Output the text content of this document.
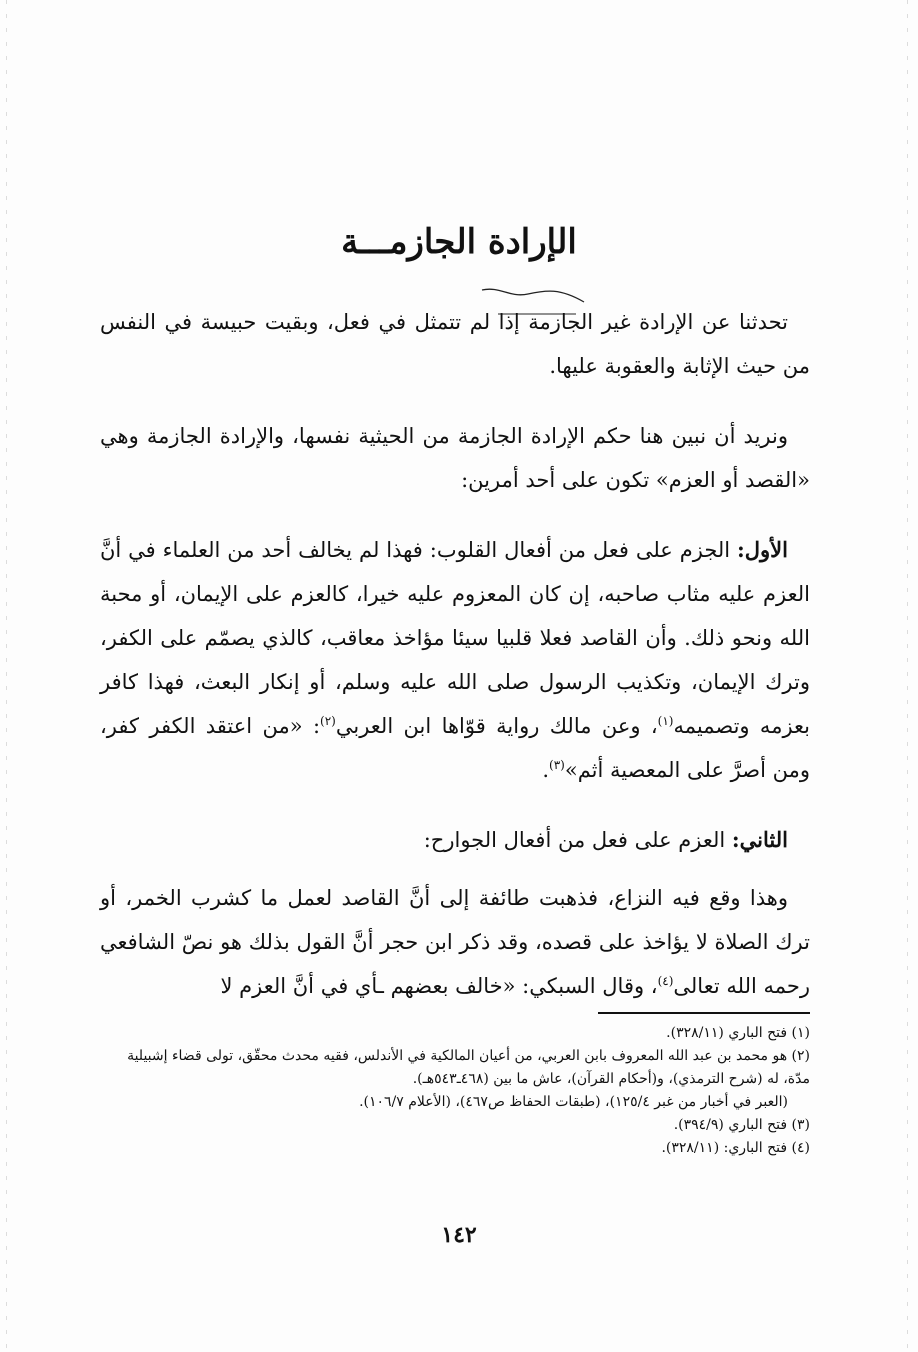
الإرادة الجازمـــة

تحدثنا عن الإرادة غير الجازمة إذا لم تتمثل في فعل، وبقيت حبيسة في النفس من حيث الإثابة والعقوبة عليها.

ونريد أن نبين هنا حكم الإرادة الجازمة من الحيثية نفسها، والإرادة الجازمة وهي «القصد أو العزم» تكون على أحد أمرين:

الأول: الجزم على فعل من أفعال القلوب: فهذا لم يخالف أحد من العلماء في أنَّ العزم عليه مثاب صاحبه، إن كان المعزوم عليه خيرا، كالعزم على الإيمان، أو محبة الله ونحو ذلك. وأن القاصد فعلا قلبيا سيئا مؤاخذ معاقب، كالذي يصمّم على الكفر، وترك الإيمان، وتكذيب الرسول صلى الله عليه وسلم، أو إنكار البعث، فهذا كافر بعزمه وتصميمه$^{(١)}$، وعن مالك رواية قوّاها ابن العربي$^{(٢)}$: «من اعتقد الكفر كفر، ومن أصرَّ على المعصية أثم»$^{(٣)}$.

الثاني: العزم على فعل من أفعال الجوارح:

وهذا وقع فيه النزاع، فذهبت طائفة إلى أنَّ القاصد لعمل ما كشرب الخمر، أو ترك الصلاة لا يؤاخذ على قصده، وقد ذكر ابن حجر أنَّ القول بذلك هو نصّ الشافعي رحمه الله تعالى$^{(٤)}$، وقال السبكي: «خالف بعضهم ـأي في أنَّ العزم لا

(١) فتح الباري (٣٢٨/١١).

(٢) هو محمد بن عبد الله المعروف بابن العربي، من أعيان المالكية في الأندلس، فقيه محدث محقّق، تولى قضاء إشبيلية مدّة، له (شرح الترمذي)، و(أحكام القرآن)، عاش ما بين (٤٦٨ـ٥٤٣هـ).

(العبر في أخبار من غبر ١٢٥/٤)، (طبقات الحفاظ ص٤٦٧)، (الأعلام ١٠٦/٧).

(٣) فتح الباري (٣٩٤/٩).

(٤) فتح الباري: (٣٢٨/١١).

١٤٢
